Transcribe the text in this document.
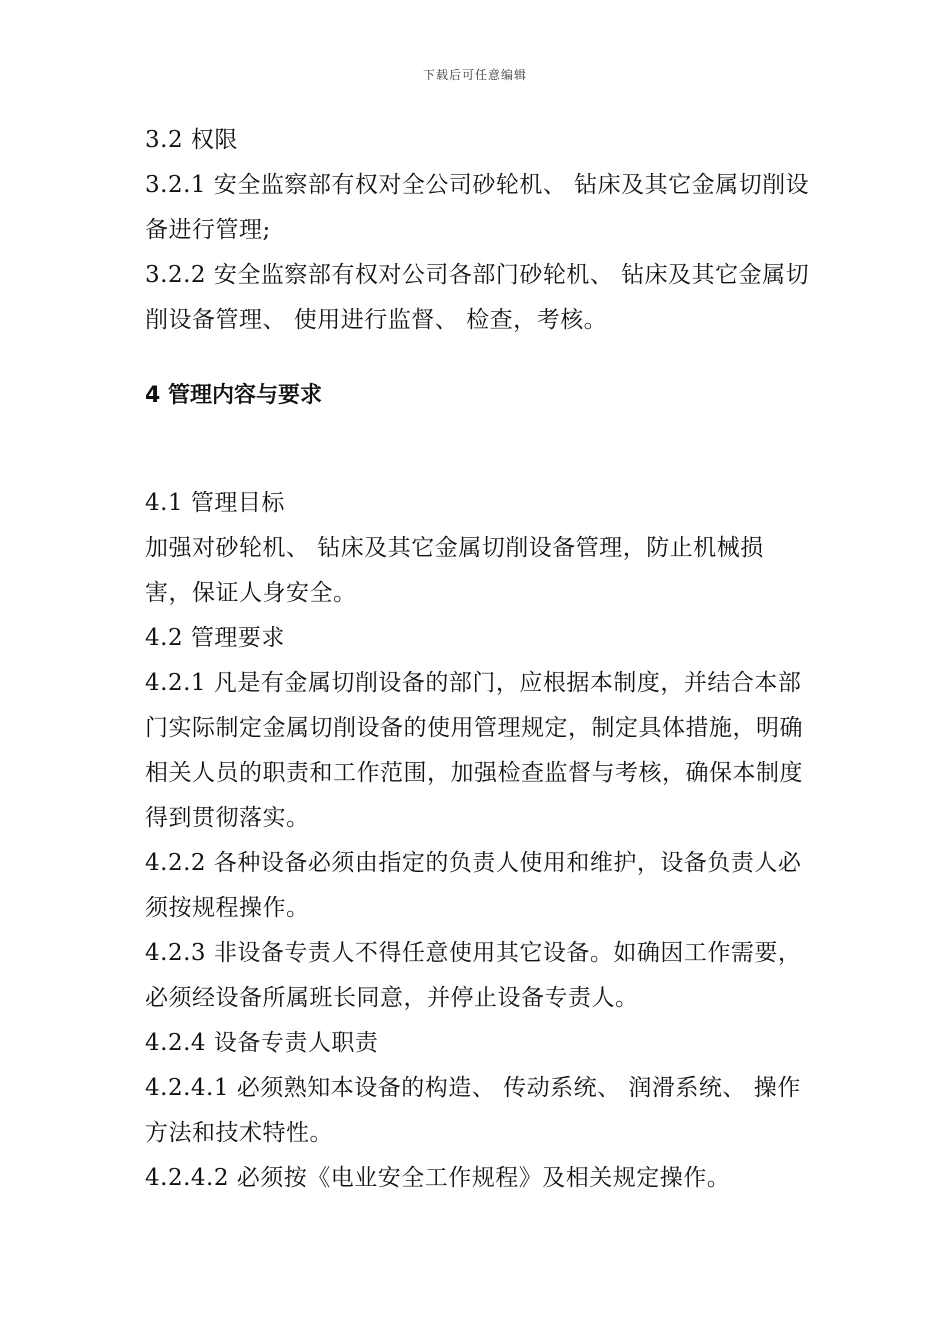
下载后可任意编辑

3.2 权限

3.2.1 安全监察部有权对全公司砂轮机、 钻床及其它金属切削设备进行管理;

3.2.2 安全监察部有权对公司各部门砂轮机、 钻床及其它金属切削设备管理、 使用进行监督、 检查，考核。

4 管理内容与要求

4.1 管理目标

加强对砂轮机、 钻床及其它金属切削设备管理，防止机械损害，保证人身安全。

4.2 管理要求

4.2.1 凡是有金属切削设备的部门，应根据本制度，并结合本部门实际制定金属切削设备的使用管理规定，制定具体措施，明确相关人员的职责和工作范围，加强检查监督与考核，确保本制度得到贯彻落实。

4.2.2 各种设备必须由指定的负责人使用和维护，设备负责人必须按规程操作。

4.2.3 非设备专责人不得任意使用其它设备。如确因工作需要，必须经设备所属班长同意，并停止设备专责人。

4.2.4 设备专责人职责

4.2.4.1 必须熟知本设备的构造、 传动系统、 润滑系统、 操作方法和技术特性。

4.2.4.2 必须按《电业安全工作规程》及相关规定操作。
